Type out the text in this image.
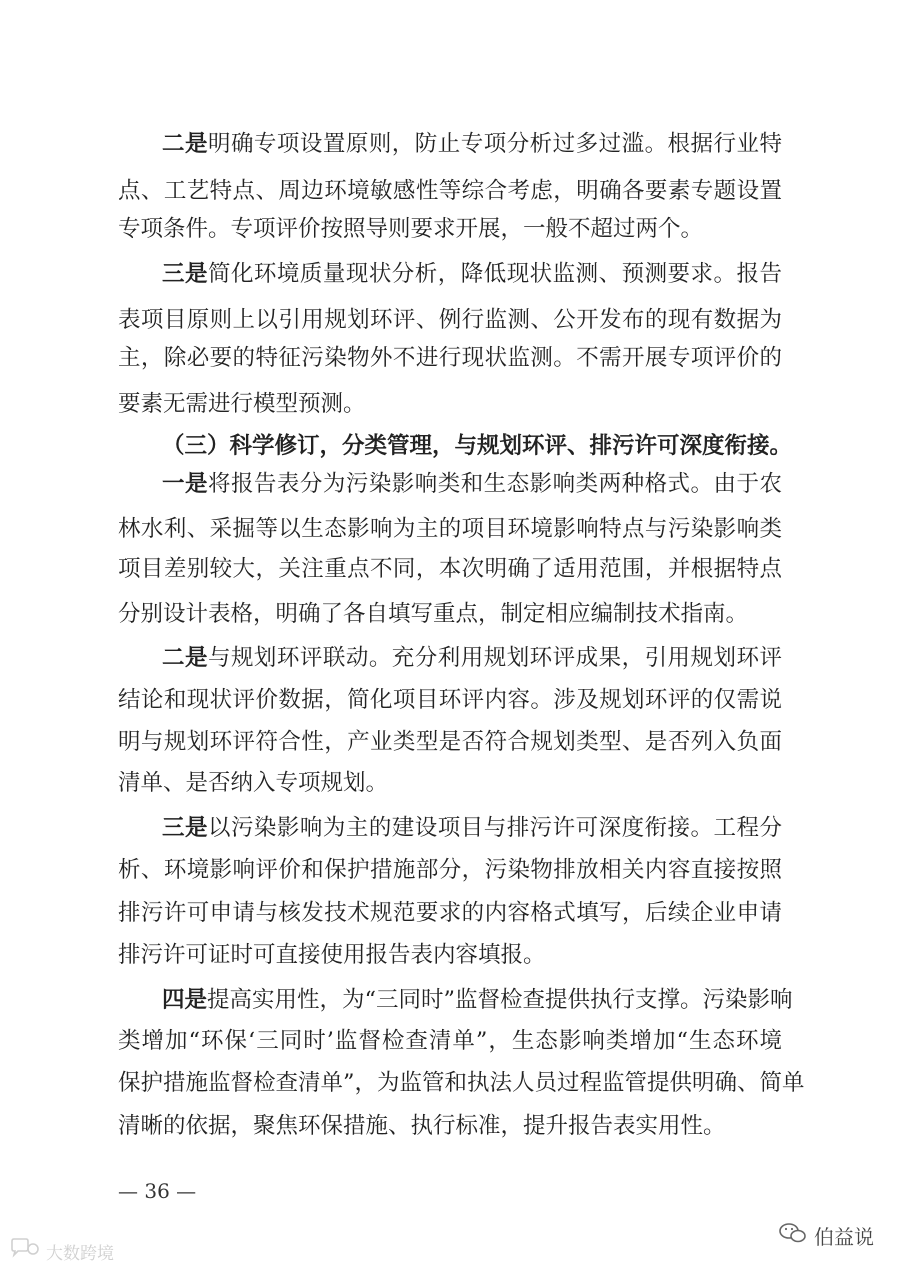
二是明确专项设置原则，防止专项分析过多过滥。根据行业特
点、工艺特点、周边环境敏感性等综合考虑，明确各要素专题设置
专项条件。专项评价按照导则要求开展，一般不超过两个。
三是简化环境质量现状分析，降低现状监测、预测要求。报告
表项目原则上以引用规划环评、例行监测、公开发布的现有数据为
主，除必要的特征污染物外不进行现状监测。不需开展专项评价的
要素无需进行模型预测。
（三）科学修订，分类管理，与规划环评、排污许可深度衔接。
一是将报告表分为污染影响类和生态影响类两种格式。由于农
林水利、采掘等以生态影响为主的项目环境影响特点与污染影响类
项目差别较大，关注重点不同，本次明确了适用范围，并根据特点
分别设计表格，明确了各自填写重点，制定相应编制技术指南。
二是与规划环评联动。充分利用规划环评成果，引用规划环评
结论和现状评价数据，简化项目环评内容。涉及规划环评的仅需说
明与规划环评符合性，产业类型是否符合规划类型、是否列入负面
清单、是否纳入专项规划。
三是以污染影响为主的建设项目与排污许可深度衔接。工程分
析、环境影响评价和保护措施部分，污染物排放相关内容直接按照
排污许可申请与核发技术规范要求的内容格式填写，后续企业申请
排污许可证时可直接使用报告表内容填报。
四是提高实用性，为“三同时”监督检查提供执行支撑。污染影响
类增加“环保‘三同时’监督检查清单”，生态影响类增加“生态环境
保护措施监督检查清单”，为监管和执法人员过程监管提供明确、简单
清晰的依据，聚焦环保措施、执行标准，提升报告表实用性。
— 36 —
大数跨境
伯益说
